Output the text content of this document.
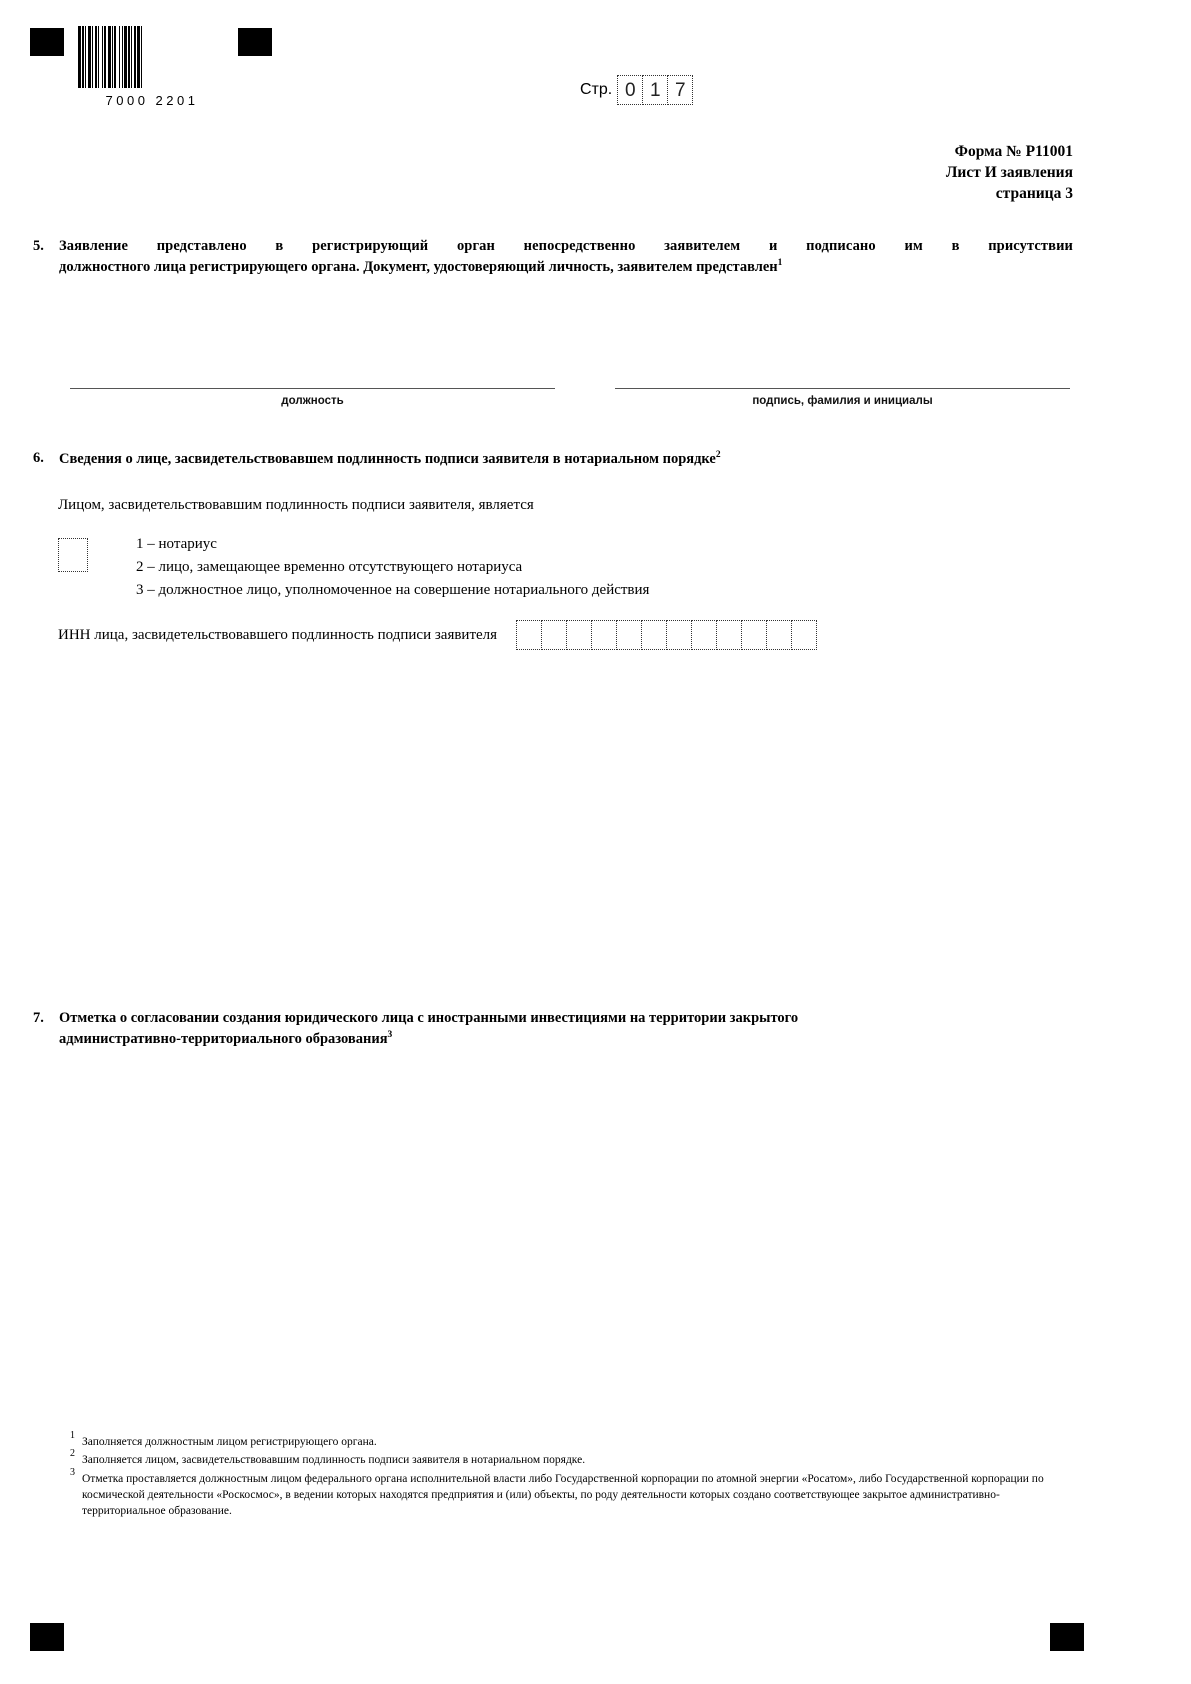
7000 2201
Стр. 0 1 7
Форма № Р11001
Лист И заявления
страница 3
5.	Заявление представлено в регистрирующий орган непосредственно заявителем и подписано им в присутствии
должностного лица регистрирующего органа. Документ, удостоверяющий личность, заявителем представлен$^1$
должность	подпись, фамилия и инициалы
6.	Сведения о лице, засвидетельствовавшем подлинность подписи заявителя в нотариальном порядке$^2$
Лицом, засвидетельствовавшим подлинность подписи заявителя, является
1 – нотариус
2 – лицо, замещающее временно отсутствующего нотариуса
3 – должностное лицо, уполномоченное на совершение нотариального действия
ИНН лица, засвидетельствовавшего подлинность подписи заявителя
7.	Отметка о согласовании создания юридического лица с иностранными инвестициями на территории закрытого
административно-территориального образования$^3$
1
Заполняется должностным лицом регистрирующего органа.
2
Заполняется лицом, засвидетельствовавшим подлинность подписи заявителя в нотариальном порядке.
3
Отметка проставляется должностным лицом федерального органа исполнительной власти либо Государственной корпорации по атомной энергии «Росатом», либо Государственной корпорации по космической деятельности «Роскосмос», в ведении которых находятся предприятия и (или) объекты, по роду деятельности которых создано соответствующее закрытое административно-территориальное образование.
